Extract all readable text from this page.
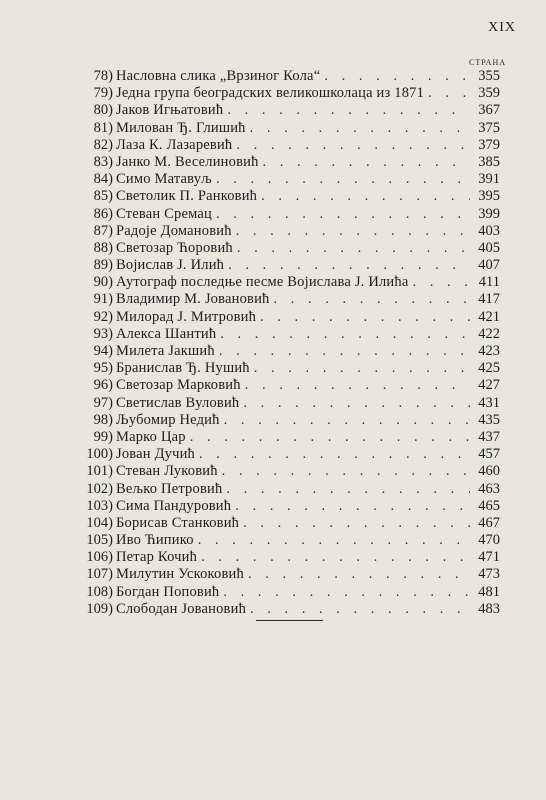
XIX
СТРАНА
78) Насловна слика „Врзиног Кола“ . . .	355
79) Једна група београдских великошколаца из 1871 . . .	359
80) Јаков Игњатовић . . .	367
81) Милован Ђ. Глишић . . .	375
82) Лаза К. Лазаревић . . .	379
83) Јанко М. Веселиновић . . .	385
84) Симо Матавуљ . . .	391
85) Светолик П. Ранковић . . .	395
86) Стеван Сремац . . .	399
87) Радоје Домановић . . .	403
88) Светозар Ћоровић . . .	405
89) Војислав Ј. Илић . . .	407
90) Аутограф последње песме Војислава Ј. Илића . . .	411
91) Владимир М. Јовановић . . .	417
92) Милорад Ј. Митровић . . .	421
93) Алекса Шантић . . .	422
94) Милета Јакшић . . .	423
95) Бранислав Ђ. Нушић . . .	425
96) Светозар Марковић . . .	427
97) Светислав Вуловић . . .	431
98) Љубомир Недић . . .	435
99) Марко Цар . . .	437
100) Јован Дучић . . .	457
101) Стеван Луковић . . .	460
102) Вељко Петровић . . .	463
103) Сима Пандуровић . . .	465
104) Борисав Станковић . . .	467
105) Иво Ћипико . . .	470
106) Петар Кочић . . .	471
107) Милутин Ускоковић . . .	473
108) Богдан Поповић . . .	481
109) Слободан Јовановић . . .	483
